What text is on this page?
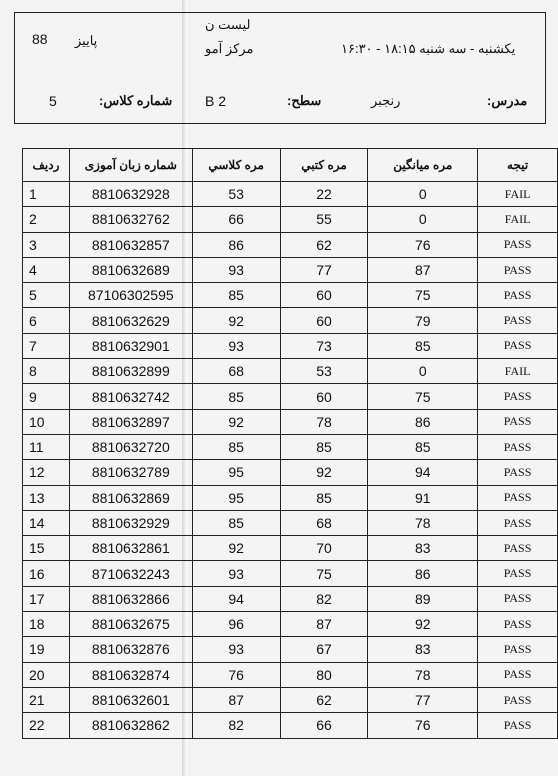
88 پاییز
لیست ن
مرکز آمو	یکشنبه - سه شنبه ۱۸:۱۵ - ۱۶:۳۰
5	شماره کلاس: B 2	سطح:	رنجبر	مدرس:
ردیف	شماره زبان آموزی	مره کلاسي	مره كتبي	مره میانگین	تیجه
1	8810632928	53	22	0	FAIL
2	8810632762	66	55	0	FAIL
3	8810632857	86	62	76	PASS
4	8810632689	93	77	87	PASS
5	87106302595	85	60	75	PASS
6	8810632629	92	60	79	PASS
7	8810632901	93	73	85	PASS
8	8810632899	68	53	0	FAIL
9	8810632742	85	60	75	PASS
10	8810632897	92	78	86	PASS
11	8810632720	85	85	85	PASS
12	8810632789	95	92	94	PASS
13	8810632869	95	85	91	PASS
14	8810632929	85	68	78	PASS
15	8810632861	92	70	83	PASS
16	8710632243	93	75	86	PASS
17	8810632866	94	82	89	PASS
18	8810632675	96	87	92	PASS
19	8810632876	93	67	83	PASS
20	8810632874	76	80	78	PASS
21	8810632601	87	62	77	PASS
22	8810632862	82	66	76	PASS
